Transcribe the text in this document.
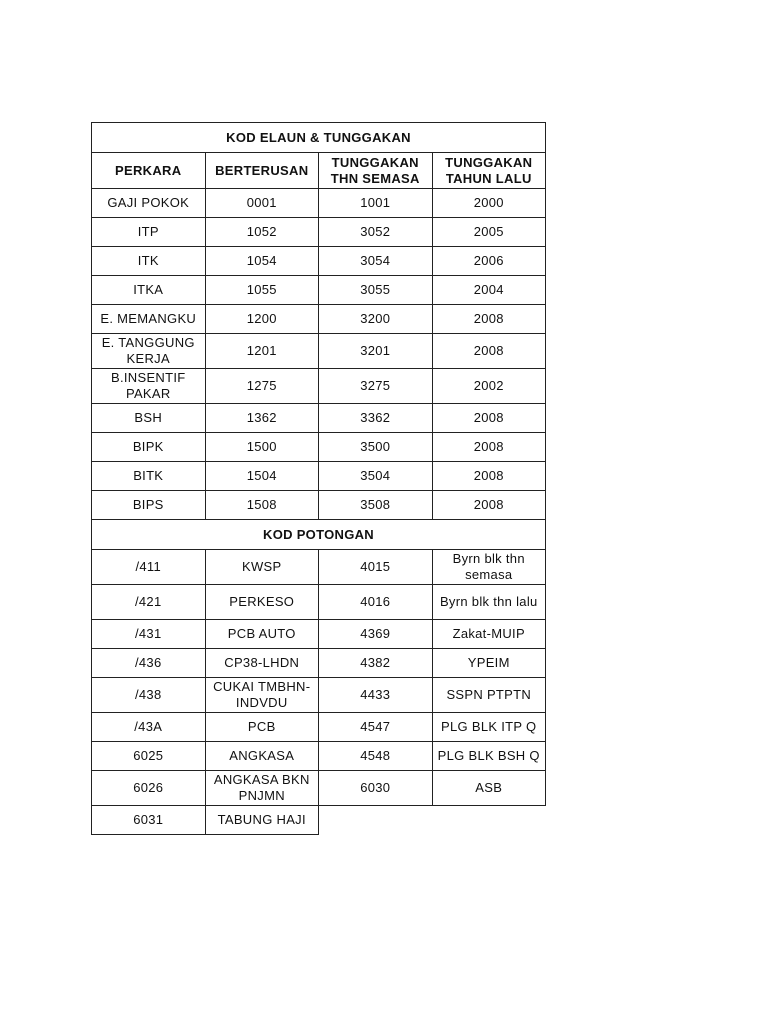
KOD ELAUN & TUNGGAKAN			
PERKARA	BERTERUSAN	TUNGGAKAN THN SEMASA	TUNGGAKAN TAHUN LALU
GAJI POKOK	0001	1001	2000
ITP	1052	3052	2005
ITK	1054	3054	2006
ITKA	1055	3055	2004
E. MEMANGKU	1200	3200	2008
E. TANGGUNG KERJA	1201	3201	2008
B.INSENTIF PAKAR	1275	3275	2002
BSH	1362	3362	2008
BIPK	1500	3500	2008
BITK	1504	3504	2008
BIPS	1508	3508	2008
KOD POTONGAN			
/411	KWSP	4015	Byrn blk thn semasa
/421	PERKESO	4016	Byrn blk thn lalu
/431	PCB AUTO	4369	Zakat-MUIP
/436	CP38-LHDN	4382	YPEIM
/438	CUKAI TMBHN-INDVDU	4433	SSPN PTPTN
/43A	PCB	4547	PLG BLK ITP Q
6025	ANGKASA	4548	PLG BLK BSH Q
6026	ANGKASA BKN PNJMN	6030	ASB
6031	TABUNG HAJI		
